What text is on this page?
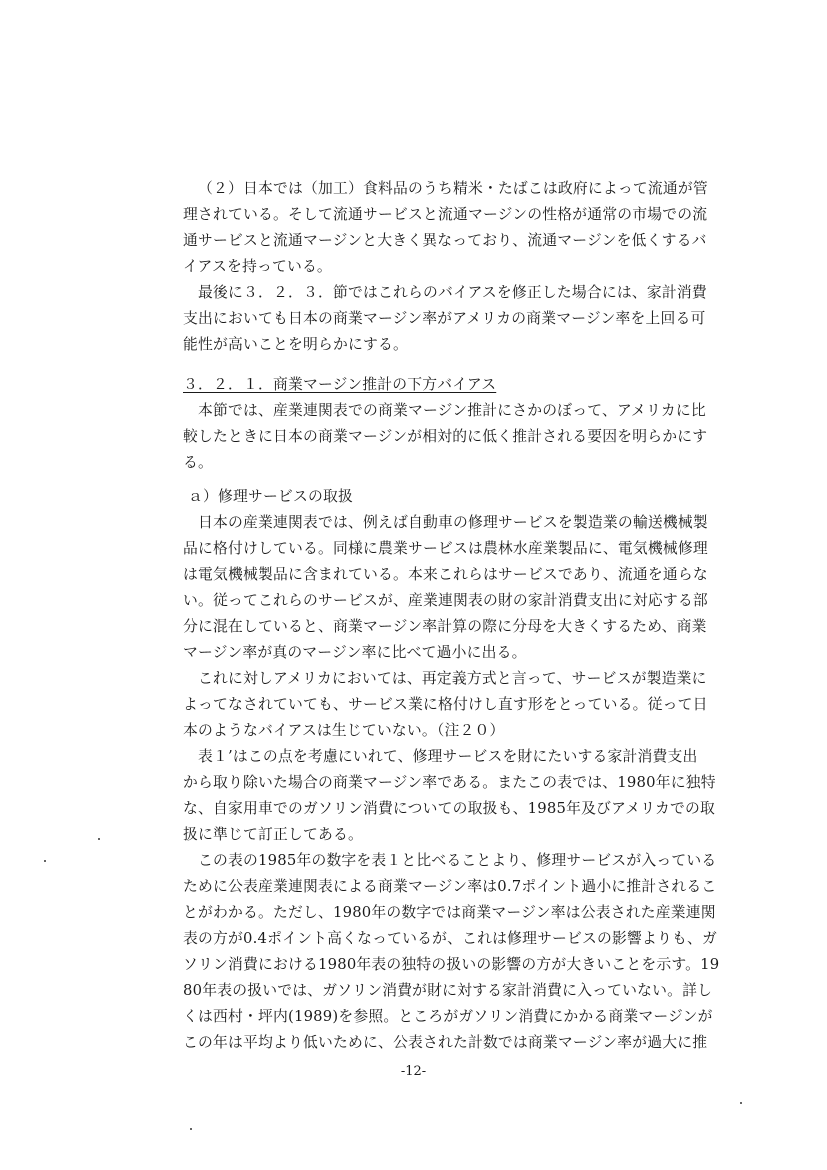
（２）日本では（加工）食料品のうち精米・たばこは政府によって流通が管
理されている。そして流通サービスと流通マージンの性格が通常の市場での流
通サービスと流通マージンと大きく異なっており、流通マージンを低くするバ
イアスを持っている。
最後に３．２．３．節ではこれらのバイアスを修正した場合には、家計消費
支出においても日本の商業マージン率がアメリカの商業マージン率を上回る可
能性が高いことを明らかにする。
３．２．１．商業マージン推計の下方バイアス
本節では、産業連関表での商業マージン推計にさかのぼって、アメリカに比
較したときに日本の商業マージンが相対的に低く推計される要因を明らかにす
る。
ａ）修理サービスの取扱
日本の産業連関表では、例えば自動車の修理サービスを製造業の輸送機械製
品に格付けしている。同様に農業サービスは農林水産業製品に、電気機械修理
は電気機械製品に含まれている。本来これらはサービスであり、流通を通らな
い。従ってこれらのサービスが、産業連関表の財の家計消費支出に対応する部
分に混在していると、商業マージン率計算の際に分母を大きくするため、商業
マージン率が真のマージン率に比べて過小に出る。
これに対しアメリカにおいては、再定義方式と言って、サービスが製造業に
よってなされていても、サービス業に格付けし直す形をとっている。従って日
本のようなバイアスは生じていない。（注２０）
表１’はこの点を考慮にいれて、修理サービスを財にたいする家計消費支出
から取り除いた場合の商業マージン率である。またこの表では、1980年に独特
な、自家用車でのガソリン消費についての取扱も、1985年及びアメリカでの取
扱に準じて訂正してある。
この表の1985年の数字を表１と比べることより、修理サービスが入っている
ために公表産業連関表による商業マージン率は0.7ポイント過小に推計されるこ
とがわかる。ただし、1980年の数字では商業マージン率は公表された産業連関
表の方が0.4ポイント高くなっているが、これは修理サービスの影響よりも、ガ
ソリン消費における1980年表の独特の扱いの影響の方が大きいことを示す。19
80年表の扱いでは、ガソリン消費が財に対する家計消費に入っていない。詳し
くは西村・坪内(1989)を参照。ところがガソリン消費にかかる商業マージンが
この年は平均より低いために、公表された計数では商業マージン率が過大に推
-12-
